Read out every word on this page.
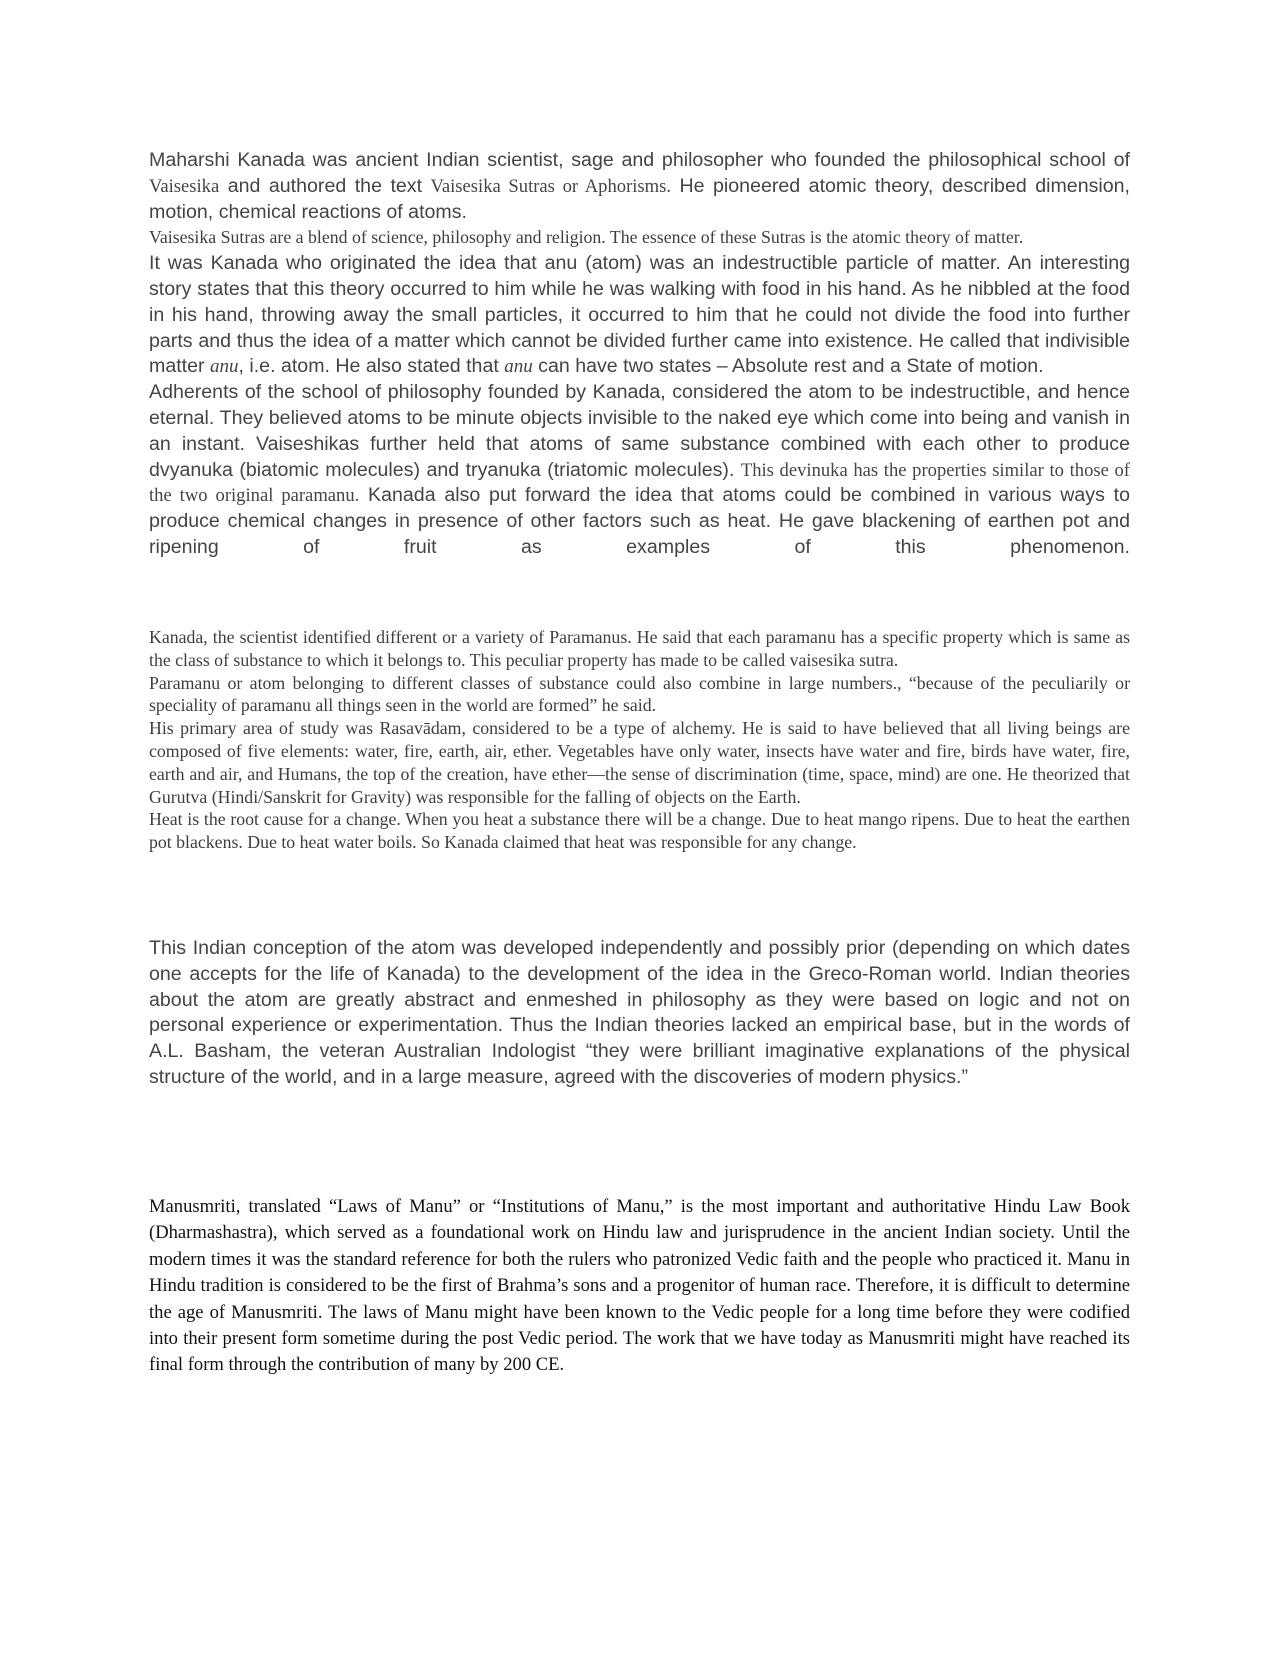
Maharshi Kanada was ancient Indian scientist, sage and philosopher who founded the philosophical school of Vaisesika and authored the text Vaisesika Sutras or Aphorisms. He pioneered atomic theory, described dimension, motion, chemical reactions of atoms.

Vaisesika Sutras are a blend of science, philosophy and religion. The essence of these Sutras is the atomic theory of matter.

It was Kanada who originated the idea that anu (atom) was an indestructible particle of matter. An interesting story states that this theory occurred to him while he was walking with food in his hand. As he nibbled at the food in his hand, throwing away the small particles, it occurred to him that he could not divide the food into further parts and thus the idea of a matter which cannot be divided further came into existence. He called that indivisible matter anu, i.e. atom. He also stated that anu can have two states – Absolute rest and a State of motion.

Adherents of the school of philosophy founded by Kanada, considered the atom to be indestructible, and hence eternal. They believed atoms to be minute objects invisible to the naked eye which come into being and vanish in an instant. Vaiseshikas further held that atoms of same substance combined with each other to produce dvyanuka (biatomic molecules) and tryanuka (triatomic molecules). This devinuka has the properties similar to those of the two original paramanu. Kanada also put forward the idea that atoms could be combined in various ways to produce chemical changes in presence of other factors such as heat. He gave blackening of earthen pot and ripening of fruit as examples of this phenomenon.

Kanada, the scientist identified different or a variety of Paramanus. He said that each paramanu has a specific property which is same as the class of substance to which it belongs to. This peculiar property has made to be called vaisesika sutra.

Paramanu or atom belonging to different classes of substance could also combine in large numbers., “because of the peculiarily or speciality of paramanu all things seen in the world are formed” he said.

His primary area of study was Rasavādam, considered to be a type of alchemy. He is said to have believed that all living beings are composed of five elements: water, fire, earth, air, ether. Vegetables have only water, insects have water and fire, birds have water, fire, earth and air, and Humans, the top of the creation, have ether—the sense of discrimination (time, space, mind) are one. He theorized that Gurutva (Hindi/Sanskrit for Gravity) was responsible for the falling of objects on the Earth.

Heat is the root cause for a change. When you heat a substance there will be a change. Due to heat mango ripens. Due to heat the earthen pot blackens. Due to heat water boils. So Kanada claimed that heat was responsible for any change.

This Indian conception of the atom was developed independently and possibly prior (depending on which dates one accepts for the life of Kanada) to the development of the idea in the Greco-Roman world. Indian theories about the atom are greatly abstract and enmeshed in philosophy as they were based on logic and not on personal experience or experimentation. Thus the Indian theories lacked an empirical base, but in the words of A.L. Basham, the veteran Australian Indologist “they were brilliant imaginative explanations of the physical structure of the world, and in a large measure, agreed with the discoveries of modern physics.”

Manusmriti, translated “Laws of Manu” or “Institutions of Manu,” is the most important and authoritative Hindu Law Book (Dharmashastra), which served as a foundational work on Hindu law and jurisprudence in the ancient Indian society. Until the modern times it was the standard reference for both the rulers who patronized Vedic faith and the people who practiced it. Manu in Hindu tradition is considered to be the first of Brahma’s sons and a progenitor of human race. Therefore, it is difficult to determine the age of Manusmriti. The laws of Manu might have been known to the Vedic people for a long time before they were codified into their present form sometime during the post Vedic period. The work that we have today as Manusmriti might have reached its final form through the contribution of many by 200 CE.
